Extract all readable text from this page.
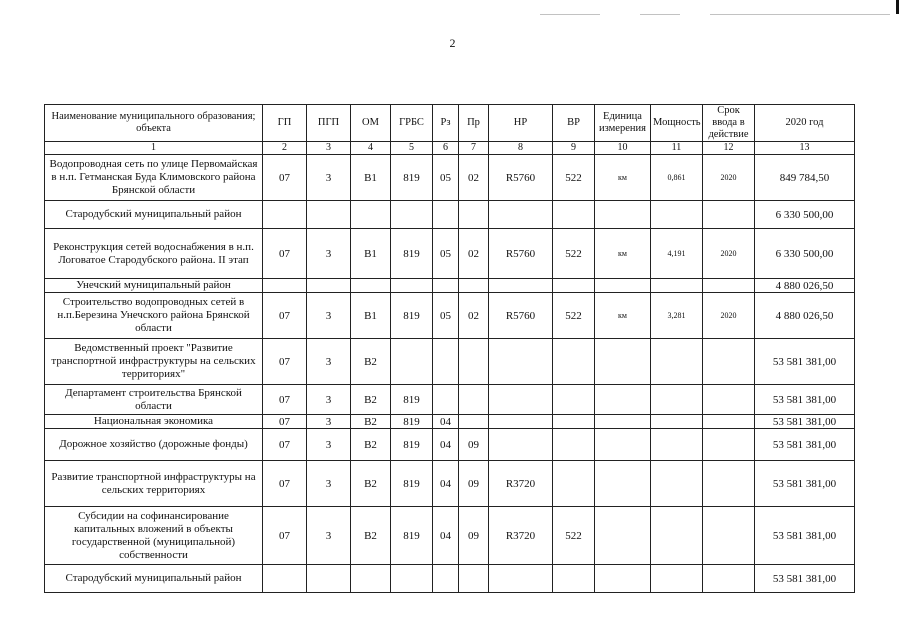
2
Наименование муниципального образования; объекта	ГП	ПГП	ОМ	ГРБС	Рз	Пр	НР	ВР	Единица измерения	Мощность	Срок ввода в действие	2020 год
1	2	3	4	5	6	7	8	9	10	11	12	13
Водопроводная сеть по улице Первомайская в н.п. Гетманская Буда Климовского района Брянской области	07	3	В1	819	05	02	R5760	522	км	0,861	2020	849 784,50
Стародубский муниципальный район												6 330 500,00
Реконструкция сетей водоснабжения в н.п. Логоватое Стародубского района. II этап	07	3	В1	819	05	02	R5760	522	км	4,191	2020	6 330 500,00
Унечский муниципальный район												4 880 026,50
Строительство водопроводных сетей в н.п.Березина Унечского района Брянской области	07	3	В1	819	05	02	R5760	522	км	3,281	2020	4 880 026,50
Ведомственный проект "Развитие транспортной инфраструктуры на сельских территориях"	07	3	В2									53 581 381,00
Департамент строительства Брянской области	07	3	В2	819								53 581 381,00
Национальная экономика	07	3	В2	819	04							53 581 381,00
Дорожное хозяйство (дорожные фонды)	07	3	В2	819	04	09						53 581 381,00
Развитие транспортной инфраструктуры на сельских территориях	07	3	В2	819	04	09	R3720					53 581 381,00
Субсидии на софинансирование капитальных вложений в объекты государственной (муниципальной) собственности	07	3	В2	819	04	09	R3720	522				53 581 381,00
Стародубский муниципальный район												53 581 381,00
